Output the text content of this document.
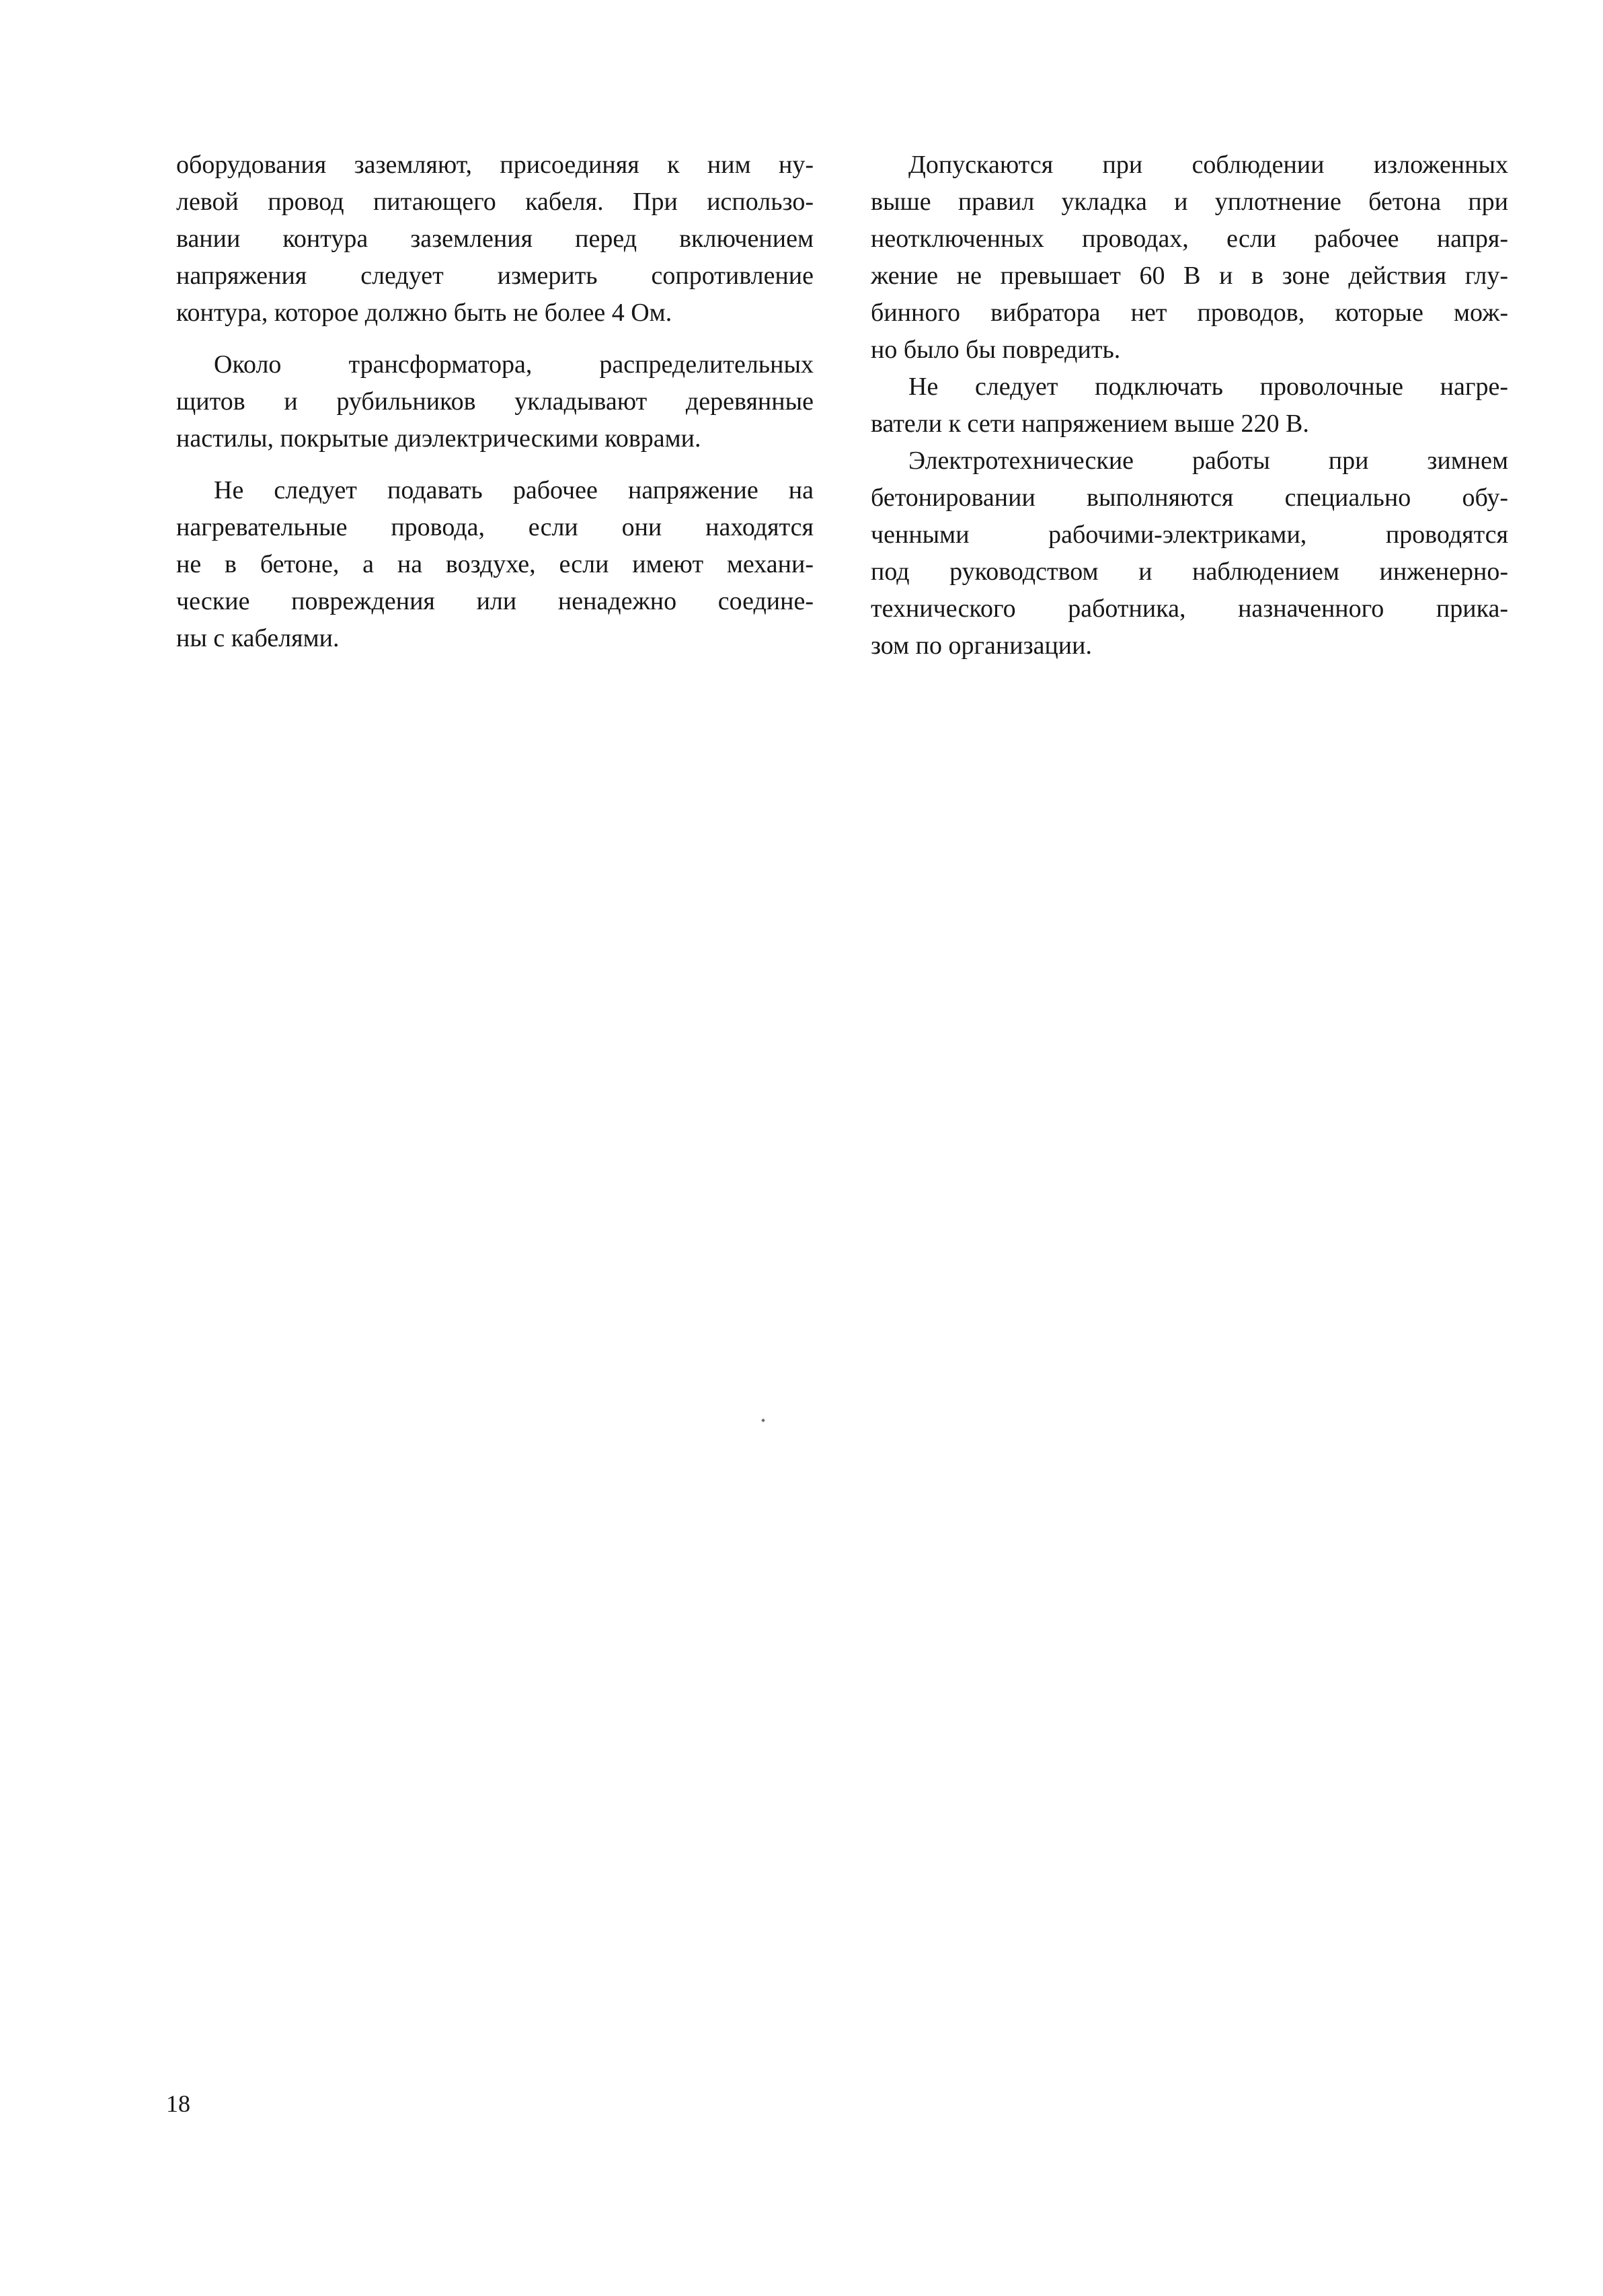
оборудования заземляют, присоединяя к ним ну-
левой провод питающего кабеля. При использо-
вании контура заземления перед включением
напряжения следует измерить сопротивление
контура, которое должно быть не более 4 Ом.
Около трансформатора, распределительных
щитов и рубильников укладывают деревянные
настилы, покрытые диэлектрическими коврами.
Не следует подавать рабочее напряжение на
нагревательные провода, если они находятся
не в бетоне, а на воздухе, если имеют механи-
ческие повреждения или ненадежно соедине-
ны с кабелями.
Допускаются при соблюдении изложенных
выше правил укладка и уплотнение бетона при
неотключенных проводах, если рабочее напря-
жение не превышает 60 В и в зоне действия глу-
бинного вибратора нет проводов, которые мож-
но было бы повредить.
Не следует подключать проволочные нагре-
ватели к сети напряжением выше 220 В.
Электротехнические работы при зимнем
бетонировании выполняются специально обу-
ченными рабочими-электриками, проводятся
под руководством и наблюдением инженерно-
технического работника, назначенного прика-
зом по организации.
18
